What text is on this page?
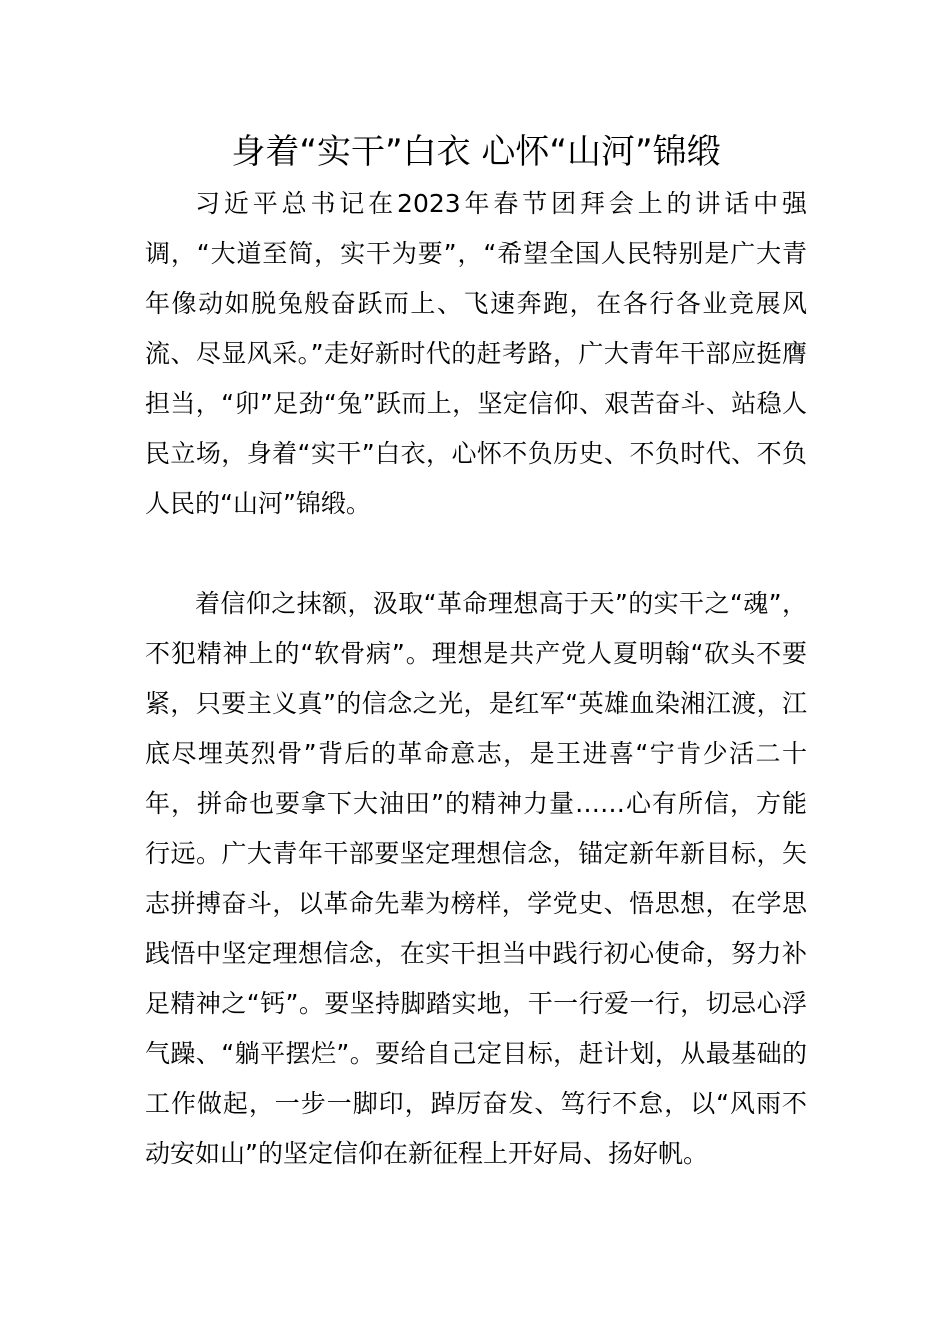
身着“实干”白衣 心怀“山河”锦缎

习近平总书记在2023年春节团拜会上的讲话中强调，“大道至简，实干为要”，“希望全国人民特别是广大青年像动如脱兔般奋跃而上、飞速奔跑，在各行各业竞展风流、尽显风采。”走好新时代的赶考路，广大青年干部应挺膺担当，“卯”足劲“兔”跃而上，坚定信仰、艰苦奋斗、站稳人民立场，身着“实干”白衣，心怀不负历史、不负时代、不负人民的“山河”锦缎。

着信仰之抹额，汲取“革命理想高于天”的实干之“魂”，不犯精神上的“软骨病”。理想是共产党人夏明翰“砍头不要紧，只要主义真”的信念之光，是红军“英雄血染湘江渡，江底尽埋英烈骨”背后的革命意志，是王进喜“宁肯少活二十年，拼命也要拿下大油田”的精神力量……心有所信，方能行远。广大青年干部要坚定理想信念，锚定新年新目标，矢志拼搏奋斗，以革命先辈为榜样，学党史、悟思想，在学思践悟中坚定理想信念，在实干担当中践行初心使命，努力补足精神之“钙”。要坚持脚踏实地，干一行爱一行，切忌心浮气躁、“躺平摆烂”。要给自己定目标，赶计划，从最基础的工作做起，一步一脚印，踔厉奋发、笃行不怠，以“风雨不动安如山”的坚定信仰在新征程上开好局、扬好帆。
